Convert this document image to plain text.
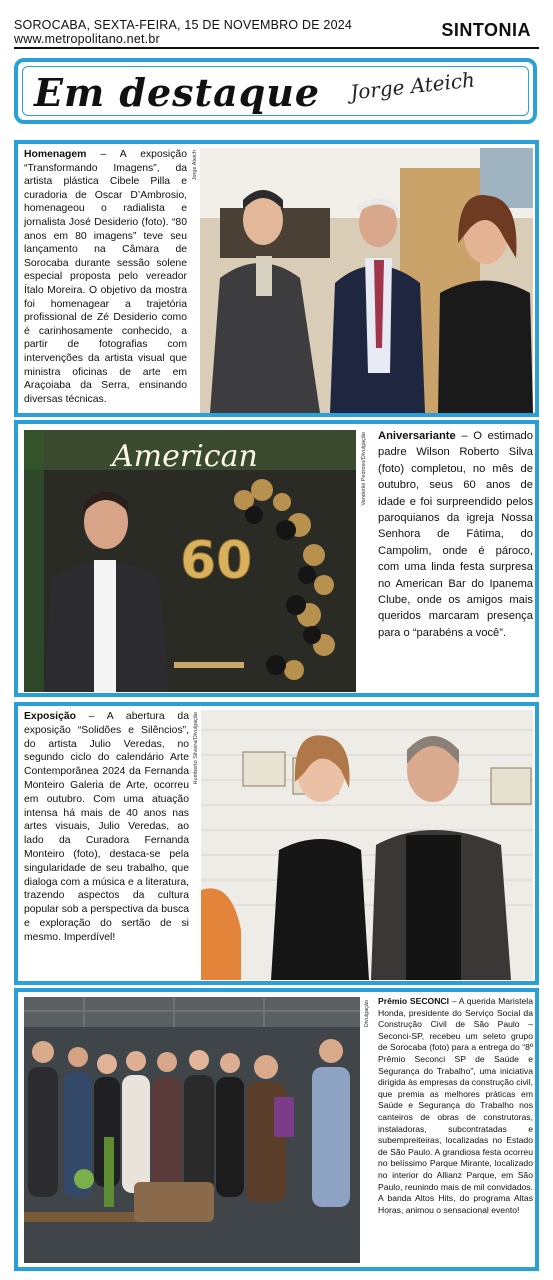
SOROCABA, SEXTA-FEIRA, 15 DE NOVEMBRO DE 2024
www.metropolitano.net.br	SINTONIA
Em destaque Jorge Ateich
Homenagem – A exposição “Transformando Imagens”, da artista plástica Cibele Pilla e curadoria de Oscar D’Ambrosio, homenageou o radialista e jornalista José Desiderio (foto). “80 anos em 80 imagens” teve seu lançamento na Câmara de Sorocaba durante sessão solene especial proposta pelo vereador Ítalo Moreira. O objetivo da mostra foi homenagear a trajetória profissional de Zé Desiderio como é carinhosamente conhecido, a partir de fotografias com intervenções da artista visual que ministra oficinas de arte em Araçoiaba da Serra, ensinando diversas técnicas.
Jorge Ateich
American
60
Vanderlei Pedroso/Divulgação Aniversariante – O estimado padre Wilson Roberto Silva (foto) completou, no mês de outubro, seus 60 anos de idade e foi surpreendido pelos paroquianos da igreja Nossa Senhora de Fátima, do Campolim, onde é pároco, com uma linda festa surpresa no American Bar do Ipanema Clube, onde os amigos mais queridos marcaram presença para o “parabéns a você”.
Exposição – A abertura da exposição “Solidões e Silêncios”, do artista Julio Veredas, no segundo ciclo do calendário Arte Contemporânea 2024 da Fernanda Monteiro Galeria de Arte, ocorreu em outubro. Com uma atuação intensa há mais de 40 anos nas artes visuais, Julio Veredas, ao lado da Curadora Fernanda Monteiro (foto), destaca-se pela singularidade de seu trabalho, que dialoga com a música e a literatura, trazendo aspectos da cultura popular sob a perspectiva da busca e exploração do sertão de si mesmo. Imperdível!
Humberto Silveira/Divulgação
Divulgação Prêmio SECONCI – A querida Maristela Honda, presidente do Serviço Social da Construção Civil de São Paulo – Seconci-SP, recebeu um seleto grupo de Sorocaba (foto) para a entrega do “8º Prêmio Seconci SP de Saúde e Segurança do Trabalho”, uma iniciativa dirigida às empresas da construção civil, que premia as melhores práticas em Saúde e Segurança do Trabalho nos canteiros de obras de construtoras, instaladoras, subcontratadas e subempreiteiras, localizadas no Estado de São Paulo. A grandiosa festa ocorreu no belíssimo Parque Mirante, localizado no interior do Allianz Parque, em São Paulo, reunindo mais de mil convidados. A banda Altos Hits, do programa Altas Horas, animou o sensacional evento!
